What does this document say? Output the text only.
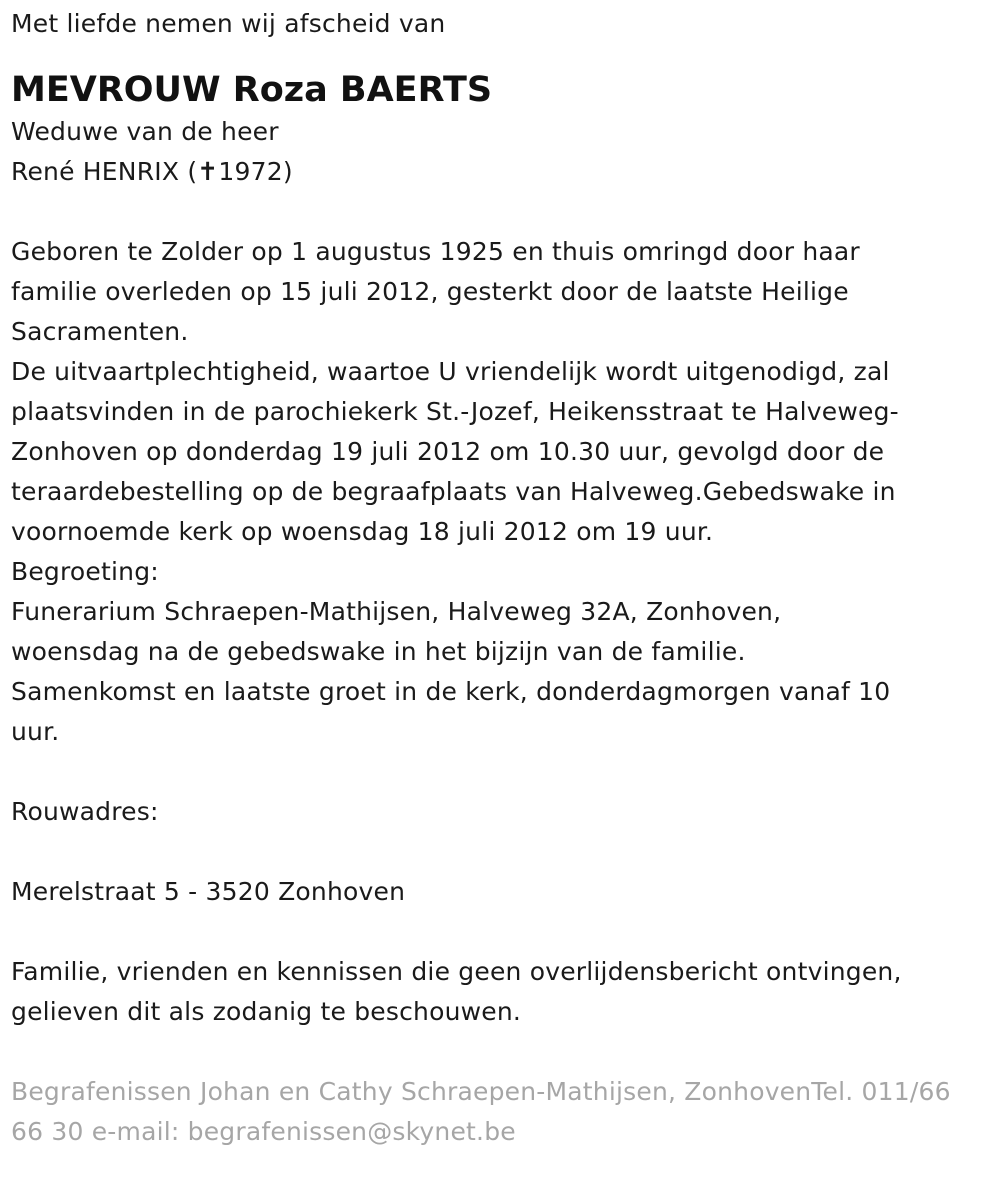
Met liefde nemen wij afscheid van
MEVROUW Roza BAERTS
Weduwe van de heer
René HENRIX (✝1972)
Geboren te Zolder op 1 augustus 1925 en thuis omringd door haar
familie overleden op 15 juli 2012, gesterkt door de laatste Heilige
Sacramenten.
De uitvaartplechtigheid, waartoe U vriendelijk wordt uitgenodigd, zal
plaatsvinden in de parochiekerk St.-Jozef, Heikensstraat te Halveweg-
Zonhoven op donderdag 19 juli 2012 om 10.30 uur, gevolgd door de
teraardebestelling op de begraafplaats van Halveweg.Gebedswake in
voornoemde kerk op woensdag 18 juli 2012 om 19 uur.
Begroeting:
Funerarium Schraepen-Mathijsen, Halveweg 32A, Zonhoven,
woensdag na de gebedswake in het bijzijn van de familie.
Samenkomst en laatste groet in de kerk, donderdagmorgen vanaf 10
uur.
Rouwadres:
Merelstraat 5 - 3520 Zonhoven
Familie, vrienden en kennissen die geen overlijdensbericht ontvingen,
gelieven dit als zodanig te beschouwen.
Begrafenissen Johan en Cathy Schraepen-Mathijsen, ZonhovenTel. 011/66
66 30 e-mail: begrafenissen@skynet.be
